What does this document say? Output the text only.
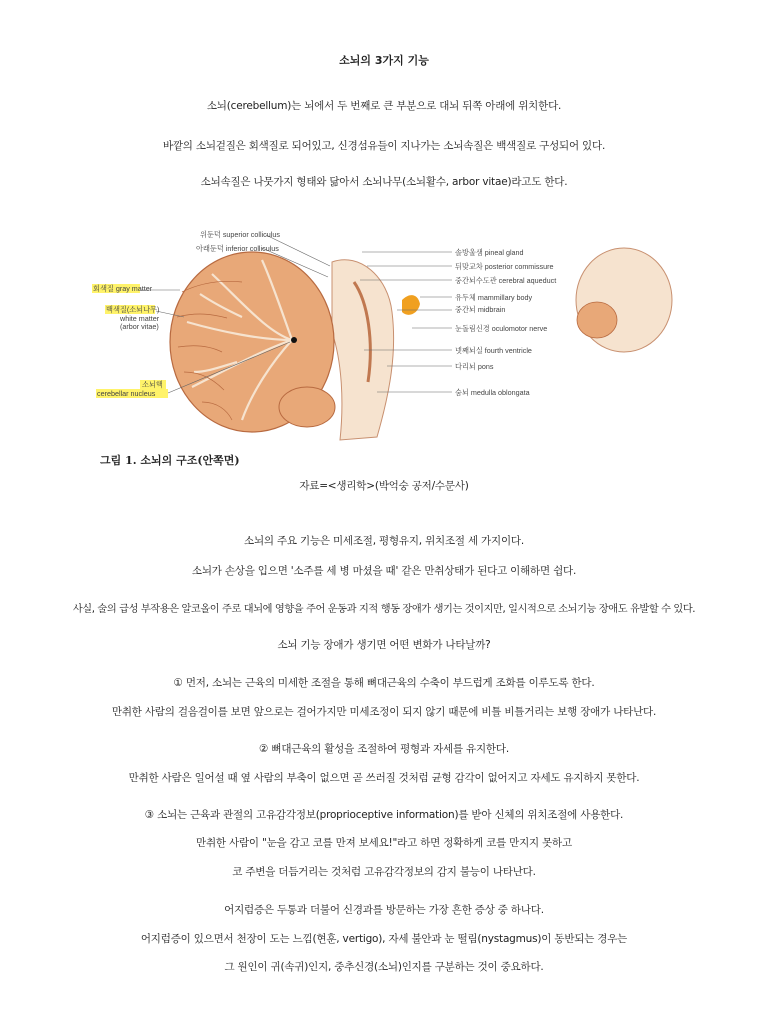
소뇌의 3가지 기능
소뇌(cerebellum)는 뇌에서 두 번째로 큰 부분으로 대뇌 뒤쪽 아래에 위치한다.
바깥의 소뇌겉질은 회색질로 되어있고, 신경섬유들이 지나가는 소뇌속질은 백색질로 구성되어 있다.
소뇌속질은 나뭇가지 형태와 닮아서 소뇌나무(소뇌활수, arbor vitae)라고도 한다.
위둔덕 superior colliculus
아래둔덕 inferior colliculus
회색질 gray matter
백색질(소뇌나무)
white matter
(arbor vitae)
소뇌핵
cerebellar nucleus
솔방울샘 pineal gland
뒤맞교차 posterior commissure
중간뇌수도관 cerebral aqueduct
유두체 mammillary body
중간뇌 midbrain
눈돌림신경 oculomotor nerve
넷째뇌실 fourth ventricle
다리뇌 pons
숨뇌 medulla oblongata
그림 1. 소뇌의 구조(안쪽면)
자료=<생리학>(박억숭 공저/수문사)
소뇌의 주요 기능은 미세조절, 평형유지, 위치조절 세 가지이다.
소뇌가 손상을 입으면 '소주를 세 병 마셨을 때' 같은 만취상태가 된다고 이해하면 쉽다.
사실, 술의 급성 부작용은 알코올이 주로 대뇌에 영향을 주어 운동과 지적 행동 장애가 생기는 것이지만, 일시적으로 소뇌기능 장애도 유발할 수 있다.
소뇌 기능 장애가 생기면 어떤 변화가 나타날까?
① 먼저, 소뇌는 근육의 미세한 조절을 통해 뼈대근육의 수축이 부드럽게 조화를 이루도록 한다.
만취한 사람의 걸음걸이를 보면 앞으로는 걸어가지만 미세조정이 되지 않기 때문에 비틀 비틀거리는 보행 장애가 나타난다.
② 뼈대근육의 활성을 조절하여 평형과 자세를 유지한다.
만취한 사람은 일어설 때 옆 사람의 부축이 없으면 곧 쓰러질 것처럼 균형 감각이 없어지고 자세도 유지하지 못한다.
③ 소뇌는 근육과 관절의 고유감각정보(proprioceptive information)를 받아 신체의 위치조절에 사용한다.
만취한 사람이 "눈을 감고 코를 만져 보세요!"라고 하면 정확하게 코를 만지지 못하고
코 주변을 더듬거리는 것처럼 고유감각정보의 감지 불능이 나타난다.
어지럼증은 두통과 더불어 신경과를 방문하는 가장 흔한 증상 중 하나다.
어지럼증이 있으면서 천장이 도는 느낌(현훈, vertigo), 자세 불안과 눈 떨림(nystagmus)이 동반되는 경우는
그 원인이 귀(속귀)인지, 중추신경(소뇌)인지를 구분하는 것이 중요하다.
